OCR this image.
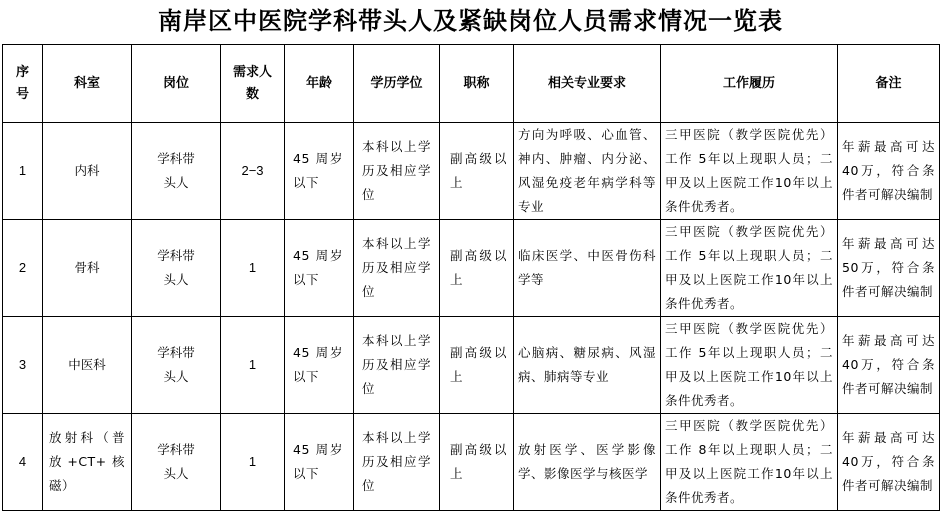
南岸区中医院学科带头人及紧缺岗位人员需求情况一览表
序号	科室	岗位	需求人数	年龄	学历学位	职称	相关专业要求	工作履历	备注
1	内科	学科带头人	2−3	45 周岁以下	本科以上学历及相应学位	副高级以上	方向为呼吸、心血管、神内、肿瘤、内分泌、风湿免疫老年病学科等专业	三甲医院（教学医院优先）工作 5年以上现职人员；二甲及以上医院工作10年以上条件优秀者。	年薪最高可达40万，符合条件者可解决编制
2	骨科	学科带头人	1	45 周岁以下	本科以上学历及相应学位	副高级以上	临床医学、中医骨伤科学等	三甲医院（教学医院优先）工作 5年以上现职人员；二甲及以上医院工作10年以上条件优秀者。	年薪最高可达50万，符合条件者可解决编制
3	中医科	学科带头人	1	45 周岁以下	本科以上学历及相应学位	副高级以上	心脑病、糖尿病、风湿病、肺病等专业	三甲医院（教学医院优先）工作 5年以上现职人员；二甲及以上医院工作10年以上条件优秀者。	年薪最高可达40万，符合条件者可解决编制
4	放射科（普放+CT+核磁）	学科带头人	1	45 周岁以下	本科以上学历及相应学位	副高级以上	放射医学、医学影像学、影像医学与核医学	三甲医院（教学医院优先）工作 8年以上现职人员；二甲及以上医院工作10年以上条件优秀者。	年薪最高可达40万，符合条件者可解决编制
